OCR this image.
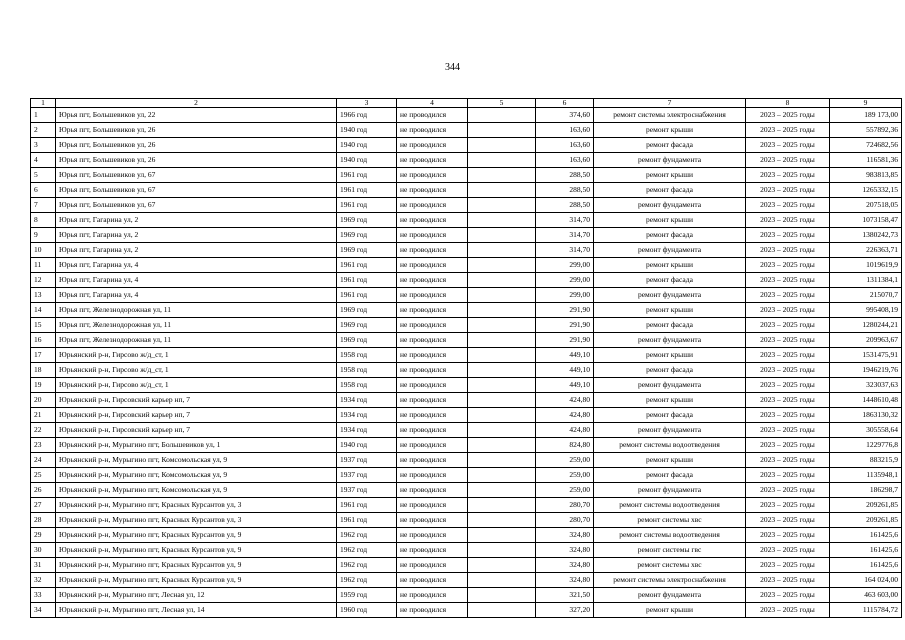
344
1	2	3	4	5	6	7	8	9
1	Юрья пгт, Большевиков ул, 22	1966 год	не проводился		374,60	ремонт системы электроснабжения	2023 – 2025 годы	189 173,00
2	Юрья пгт, Большевиков ул, 26	1940 год	не проводился		163,60	ремонт крыши	2023 – 2025 годы	557892,36
3	Юрья пгт, Большевиков ул, 26	1940 год	не проводился		163,60	ремонт фасада	2023 – 2025 годы	724682,56
4	Юрья пгт, Большевиков ул, 26	1940 год	не проводился		163,60	ремонт фундамента	2023 – 2025 годы	116581,36
5	Юрья пгт, Большевиков ул, 67	1961 год	не проводился		288,50	ремонт крыши	2023 – 2025 годы	983813,85
6	Юрья пгт, Большевиков ул, 67	1961 год	не проводился		288,50	ремонт фасада	2023 – 2025 годы	1265332,15
7	Юрья пгт, Большевиков ул, 67	1961 год	не проводился		288,50	ремонт фундамента	2023 – 2025 годы	207518,05
8	Юрья пгт, Гагарина ул, 2	1969 год	не проводился		314,70	ремонт крыши	2023 – 2025 годы	1073158,47
9	Юрья пгт, Гагарина ул, 2	1969 год	не проводился		314,70	ремонт фасада	2023 – 2025 годы	1380242,73
10	Юрья пгт, Гагарина ул, 2	1969 год	не проводился		314,70	ремонт фундамента	2023 – 2025 годы	226363,71
11	Юрья пгт, Гагарина ул, 4	1961 год	не проводился		299,00	ремонт крыши	2023 – 2025 годы	1019619,9
12	Юрья пгт, Гагарина ул, 4	1961 год	не проводился		299,00	ремонт фасада	2023 – 2025 годы	1311384,1
13	Юрья пгт, Гагарина ул, 4	1961 год	не проводился		299,00	ремонт фундамента	2023 – 2025 годы	215070,7
14	Юрья пгт, Железнодорожная ул, 11	1969 год	не проводился		291,90	ремонт крыши	2023 – 2025 годы	995408,19
15	Юрья пгт, Железнодорожная ул, 11	1969 год	не проводился		291,90	ремонт фасада	2023 – 2025 годы	1280244,21
16	Юрья пгт, Железнодорожная ул, 11	1969 год	не проводился		291,90	ремонт фундамента	2023 – 2025 годы	209963,67
17	Юрьянский р-н, Гирсово ж/д_ст, 1	1958 год	не проводился		449,10	ремонт крыши	2023 – 2025 годы	1531475,91
18	Юрьянский р-н, Гирсово ж/д_ст, 1	1958 год	не проводился		449,10	ремонт фасада	2023 – 2025 годы	1946219,76
19	Юрьянский р-н, Гирсово ж/д_ст, 1	1958 год	не проводился		449,10	ремонт фундамента	2023 – 2025 годы	323037,63
20	Юрьянский р-н, Гирсовский карьер нп, 7	1934 год	не проводился		424,80	ремонт крыши	2023 – 2025 годы	1448610,48
21	Юрьянский р-н, Гирсовский карьер нп, 7	1934 год	не проводился		424,80	ремонт фасада	2023 – 2025 годы	1863130,32
22	Юрьянский р-н, Гирсовский карьер нп, 7	1934 год	не проводился		424,80	ремонт фундамента	2023 – 2025 годы	305558,64
23	Юрьянский р-н, Мурыгино пгт, Большевиков ул, 1	1940 год	не проводился		824,80	ремонт системы водоотведения	2023 – 2025 годы	1229776,8
24	Юрьянский р-н, Мурыгино пгт, Комсомольская ул, 9	1937 год	не проводился		259,00	ремонт крыши	2023 – 2025 годы	883215,9
25	Юрьянский р-н, Мурыгино пгт, Комсомольская ул, 9	1937 год	не проводился		259,00	ремонт фасада	2023 – 2025 годы	1135948,1
26	Юрьянский р-н, Мурыгино пгт, Комсомольская ул, 9	1937 год	не проводился		259,00	ремонт фундамента	2023 – 2025 годы	186298,7
27	Юрьянский р-н, Мурыгино пгт, Красных Курсантов ул, 3	1961 год	не проводился		280,70	ремонт системы водоотведения	2023 – 2025 годы	209261,85
28	Юрьянский р-н, Мурыгино пгт, Красных Курсантов ул, 3	1961 год	не проводился		280,70	ремонт системы хвс	2023 – 2025 годы	209261,85
29	Юрьянский р-н, Мурыгино пгт, Красных Курсантов ул, 9	1962 год	не проводился		324,80	ремонт системы водоотведения	2023 – 2025 годы	161425,6
30	Юрьянский р-н, Мурыгино пгт, Красных Курсантов ул, 9	1962 год	не проводился		324,80	ремонт системы гвс	2023 – 2025 годы	161425,6
31	Юрьянский р-н, Мурыгино пгт, Красных Курсантов ул, 9	1962 год	не проводился		324,80	ремонт системы хвс	2023 – 2025 годы	161425,6
32	Юрьянский р-н, Мурыгино пгт, Красных Курсантов ул, 9	1962 год	не проводился		324,80	ремонт системы электроснабжения	2023 – 2025 годы	164 024,00
33	Юрьянский р-н, Мурыгино пгт, Лесная ул, 12	1959 год	не проводился		321,50	ремонт фундамента	2023 – 2025 годы	463 603,00
34	Юрьянский р-н, Мурыгино пгт, Лесная ул, 14	1960 год	не проводился		327,20	ремонт крыши	2023 – 2025 годы	1115784,72
